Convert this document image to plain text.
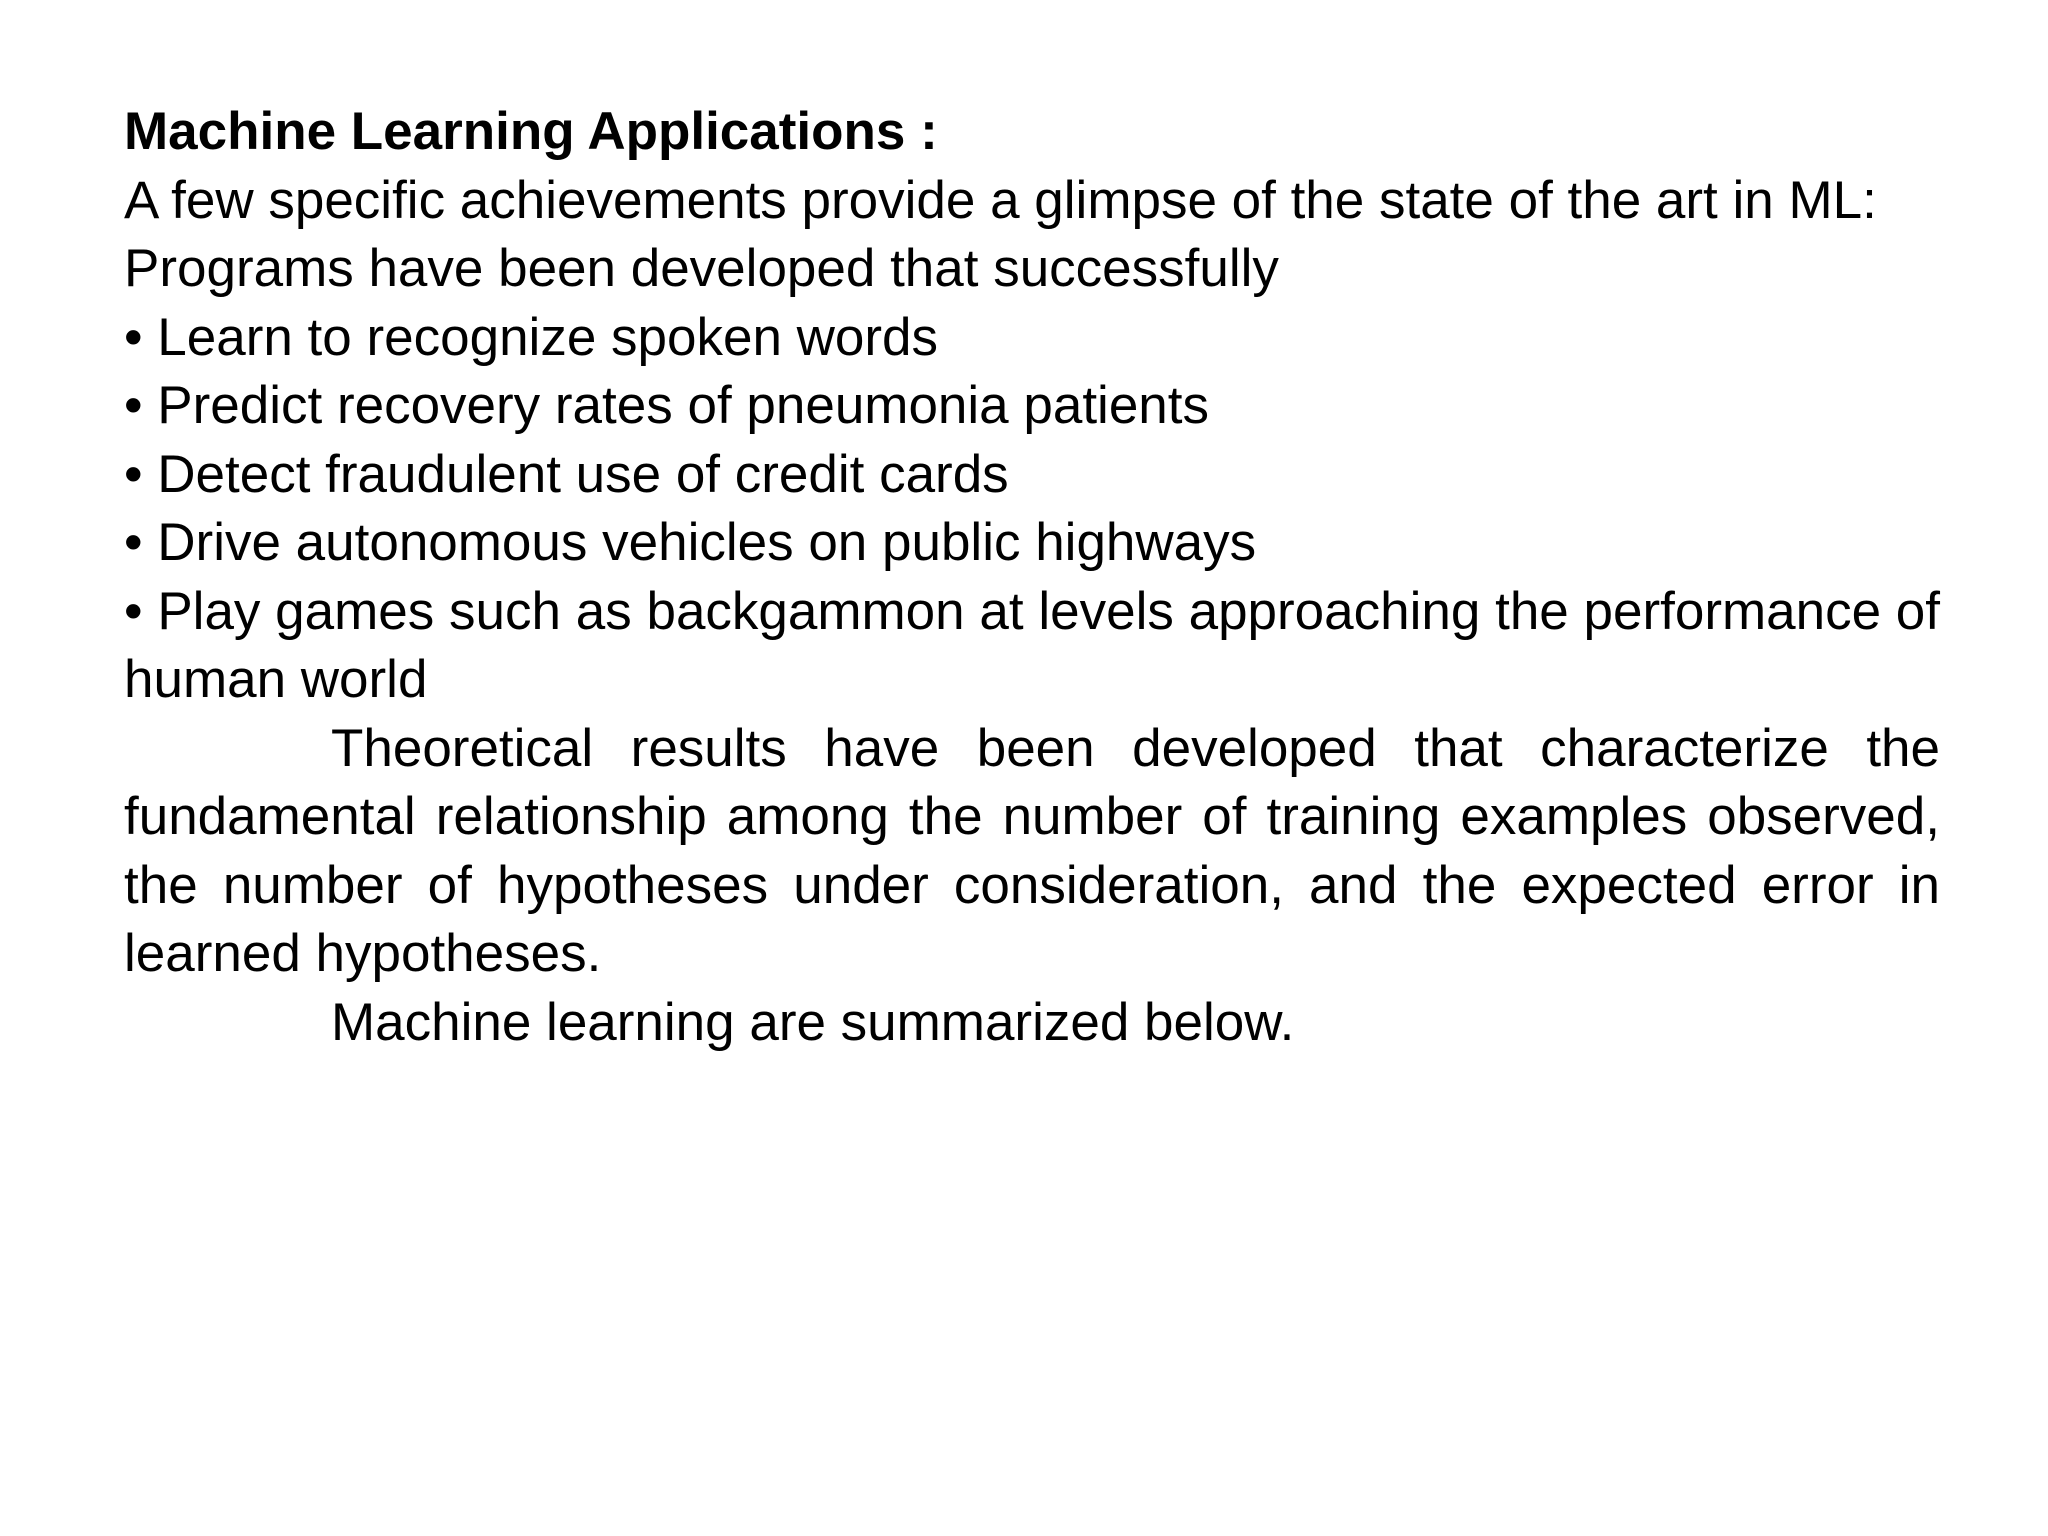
Machine Learning Applications :
A few specific achievements provide a glimpse of the state of the art in ML:
Programs have been developed that successfully
• Learn to recognize spoken words
• Predict recovery rates of pneumonia patients
• Detect fraudulent use of credit cards
• Drive autonomous vehicles on public highways
• Play games such as backgammon at levels approaching the performance of human world
Theoretical results have been developed that characterize the fundamental relationship among the number of training examples observed, the number of hypotheses under consideration, and the expected error in learned hypotheses.
Machine learning are summarized below.
